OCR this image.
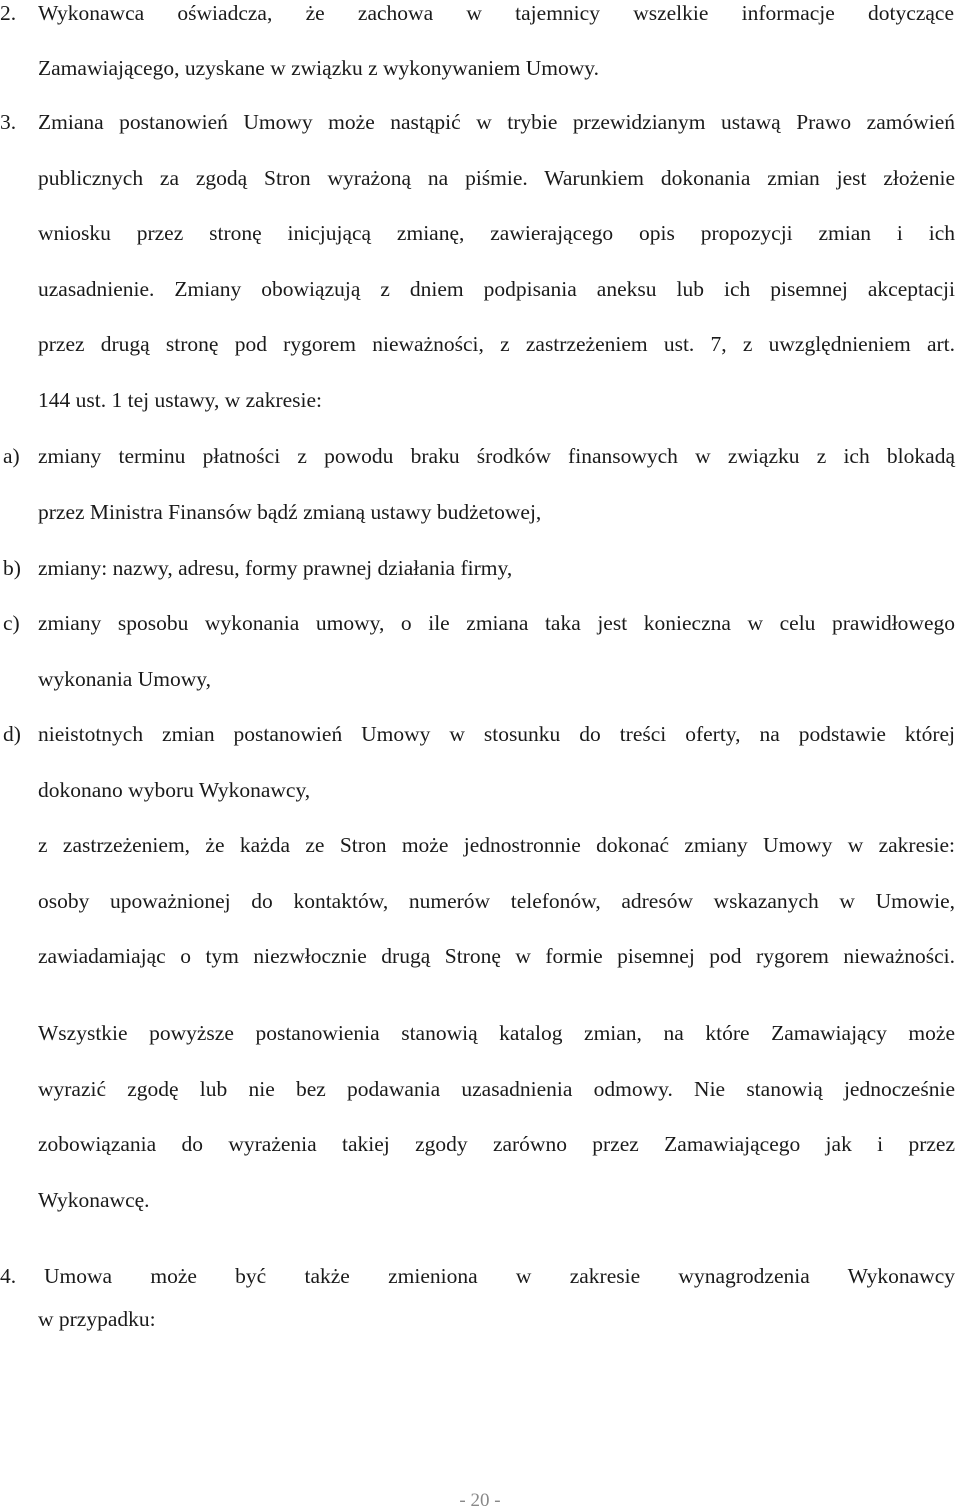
2. Wykonawca oświadcza, że zachowa w tajemnicy wszelkie informacje dotyczące
Zamawiającego, uzyskane w związku z wykonywaniem Umowy.
3. Zmiana postanowień Umowy może nastąpić w trybie przewidzianym ustawą Prawo zamówień
publicznych za zgodą Stron wyrażoną na piśmie. Warunkiem dokonania zmian jest złożenie
wniosku przez stronę inicjującą zmianę, zawierającego opis propozycji zmian i ich
uzasadnienie. Zmiany obowiązują z dniem podpisania aneksu lub ich pisemnej akceptacji
przez drugą stronę pod rygorem nieważności, z zastrzeżeniem ust. 7, z uwzględnieniem art.
144 ust. 1 tej ustawy, w zakresie:
a) zmiany terminu płatności z powodu braku środków finansowych w związku z ich blokadą
przez Ministra Finansów bądź zmianą ustawy budżetowej,
b) zmiany: nazwy, adresu, formy prawnej działania firmy,
c) zmiany sposobu wykonania umowy, o ile zmiana taka jest konieczna w celu prawidłowego
wykonania Umowy,
d) nieistotnych zmian postanowień Umowy w stosunku do treści oferty, na podstawie której
dokonano wyboru Wykonawcy,
z zastrzeżeniem, że każda ze Stron może jednostronnie dokonać zmiany Umowy w zakresie:
osoby upoważnionej do kontaktów, numerów telefonów, adresów wskazanych w Umowie,
zawiadamiając o tym niezwłocznie drugą Stronę w formie pisemnej pod rygorem nieważności.
Wszystkie powyższe postanowienia stanowią katalog zmian, na które Zamawiający może
wyrazić zgodę lub nie bez podawania uzasadnienia odmowy. Nie stanowią jednocześnie
zobowiązania do wyrażenia takiej zgody zarówno przez Zamawiającego jak i przez
Wykonawcę.
4. Umowa może być także zmieniona w zakresie wynagrodzenia Wykonawcy
w przypadku:
- 20 -
